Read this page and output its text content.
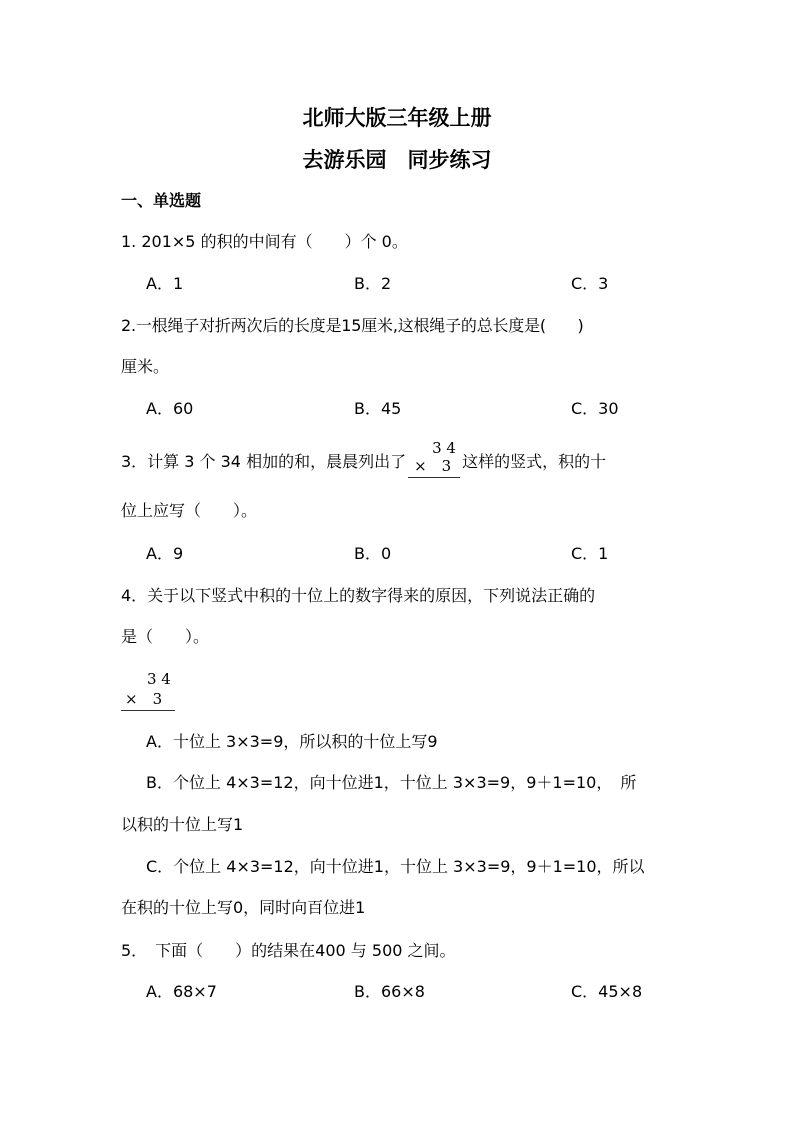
北师大版三年级上册
去游乐园　同步练习
一、单选题
1. 201×5 的积的中间有（　　）个 0。
A．1	B．2	C．3
2.一根绳子对折两次后的长度是15厘米,这根绳子的总长度是(　　)
厘米。
A．60	B．45	C．30
3．计算 3 个 34 相加的和，晨晨列出了
3 4
×　3 这样的竖式，积的十
位上应写（　　）。
A．9	B．0	C．1
4．关于以下竖式中积的十位上的数字得来的原因，下列说法正确的
是（　　）。
3 4
×　3
A．十位上 3×3=9，所以积的十位上写9
B．个位上 4×3=12，向十位进1，十位上 3×3=9，9＋1=10，　所
以积的十位上写1
C．个位上 4×3=12，向十位进1，十位上 3×3=9，9＋1=10，所以
在积的十位上写0，同时向百位进1
5．　下面（　　）的结果在400 与 500 之间。
A．68×7	B．66×8	C．45×8
